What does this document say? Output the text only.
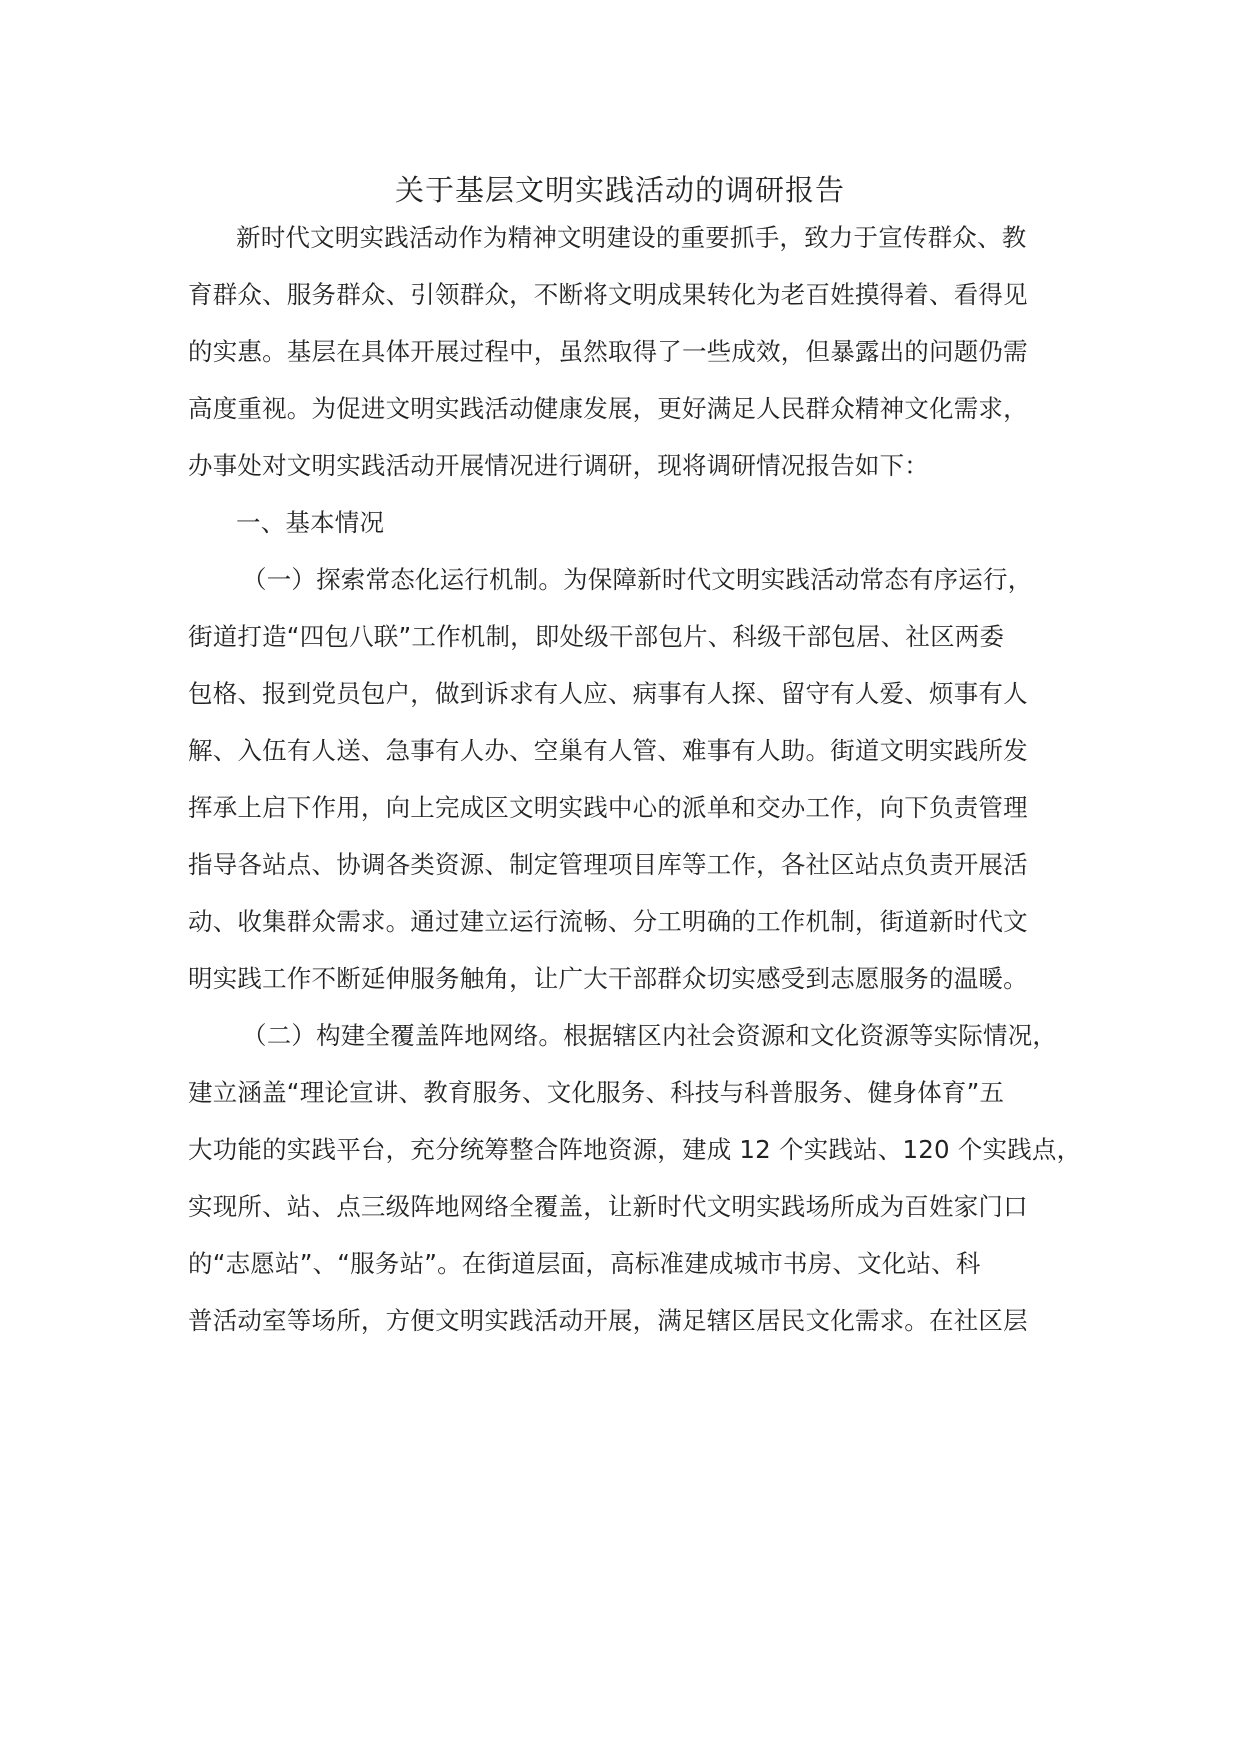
关于基层文明实践活动的调研报告
新时代文明实践活动作为精神文明建设的重要抓手，致力于宣传群众、教
育群众、服务群众、引领群众，不断将文明成果转化为老百姓摸得着、看得见
的实惠。基层在具体开展过程中，虽然取得了一些成效，但暴露出的问题仍需
高度重视。为促进文明实践活动健康发展，更好满足人民群众精神文化需求，
办事处对文明实践活动开展情况进行调研，现将调研情况报告如下：
一、基本情况
（一）探索常态化运行机制。为保障新时代文明实践活动常态有序运行，
街道打造“四包八联”工作机制，即处级干部包片、科级干部包居、社区两委
包格、报到党员包户，做到诉求有人应、病事有人探、留守有人爱、烦事有人
解、入伍有人送、急事有人办、空巢有人管、难事有人助。街道文明实践所发
挥承上启下作用，向上完成区文明实践中心的派单和交办工作，向下负责管理
指导各站点、协调各类资源、制定管理项目库等工作，各社区站点负责开展活
动、收集群众需求。通过建立运行流畅、分工明确的工作机制，街道新时代文
明实践工作不断延伸服务触角，让广大干部群众切实感受到志愿服务的温暖。
（二）构建全覆盖阵地网络。根据辖区内社会资源和文化资源等实际情况，
建立涵盖“理论宣讲、教育服务、文化服务、科技与科普服务、健身体育”五
大功能的实践平台，充分统筹整合阵地资源，建成 12 个实践站、120 个实践点，
实现所、站、点三级阵地网络全覆盖，让新时代文明实践场所成为百姓家门口
的“志愿站”、“服务站”。在街道层面，高标准建成城市书房、文化站、科
普活动室等场所，方便文明实践活动开展，满足辖区居民文化需求。在社区层
